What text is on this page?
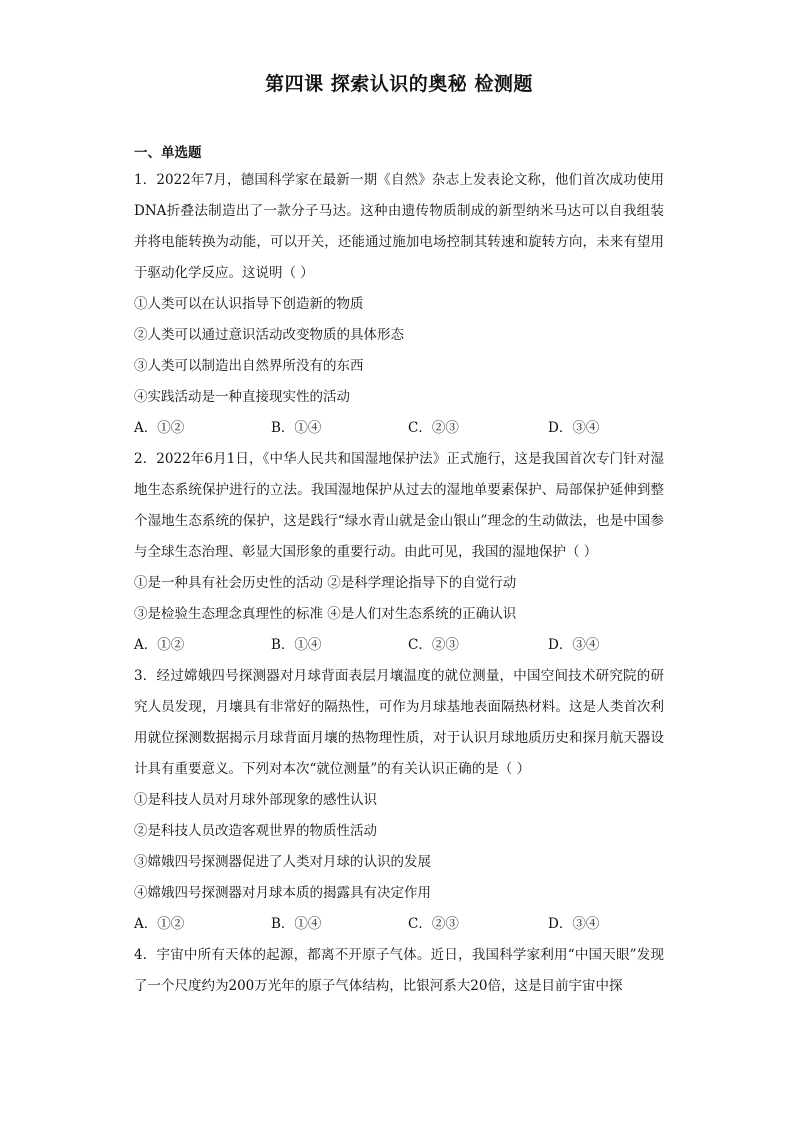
第四课 探索认识的奥秘 检测题
一、单选题

1．2022年7月，德国科学家在最新一期《自然》杂志上发表论文称，他们首次成功使用DNA折叠法制造出了一款分子马达。这种由遗传物质制成的新型纳米马达可以自我组装并将电能转换为动能，可以开关，还能通过施加电场控制其转速和旋转方向，未来有望用于驱动化学反应。这说明（ ）

①人类可以在认识指导下创造新的物质

②人类可以通过意识活动改变物质的具体形态

③人类可以制造出自然界所没有的东西

④实践活动是一种直接现实性的活动

A．①②	B．①④	C．②③	D．③④

2．2022年6月1日，《中华人民共和国湿地保护法》正式施行，这是我国首次专门针对湿地生态系统保护进行的立法。我国湿地保护从过去的湿地单要素保护、局部保护延伸到整个湿地生态系统的保护，这是践行“绿水青山就是金山银山”理念的生动做法，也是中国参与全球生态治理、彰显大国形象的重要行动。由此可见，我国的湿地保护（ ）

①是一种具有社会历史性的活动 ②是科学理论指导下的自觉行动

③是检验生态理念真理性的标准 ④是人们对生态系统的正确认识

A．①②	B．①④	C．②③	D．③④

3．经过嫦娥四号探测器对月球背面表层月壤温度的就位测量，中国空间技术研究院的研究人员发现，月壤具有非常好的隔热性，可作为月球基地表面隔热材料。这是人类首次利用就位探测数据揭示月球背面月壤的热物理性质，对于认识月球地质历史和探月航天器设计具有重要意义。下列对本次“就位测量”的有关认识正确的是（ ）

①是科技人员对月球外部现象的感性认识

②是科技人员改造客观世界的物质性活动

③嫦娥四号探测器促进了人类对月球的认识的发展

④嫦娥四号探测器对月球本质的揭露具有决定作用

A．①②	B．①④	C．②③	D．③④

4．宇宙中所有天体的起源，都离不开原子气体。近日，我国科学家利用“中国天眼”发现了一个尺度约为200万光年的原子气体结构，比银河系大20倍，这是目前宇宙中探
